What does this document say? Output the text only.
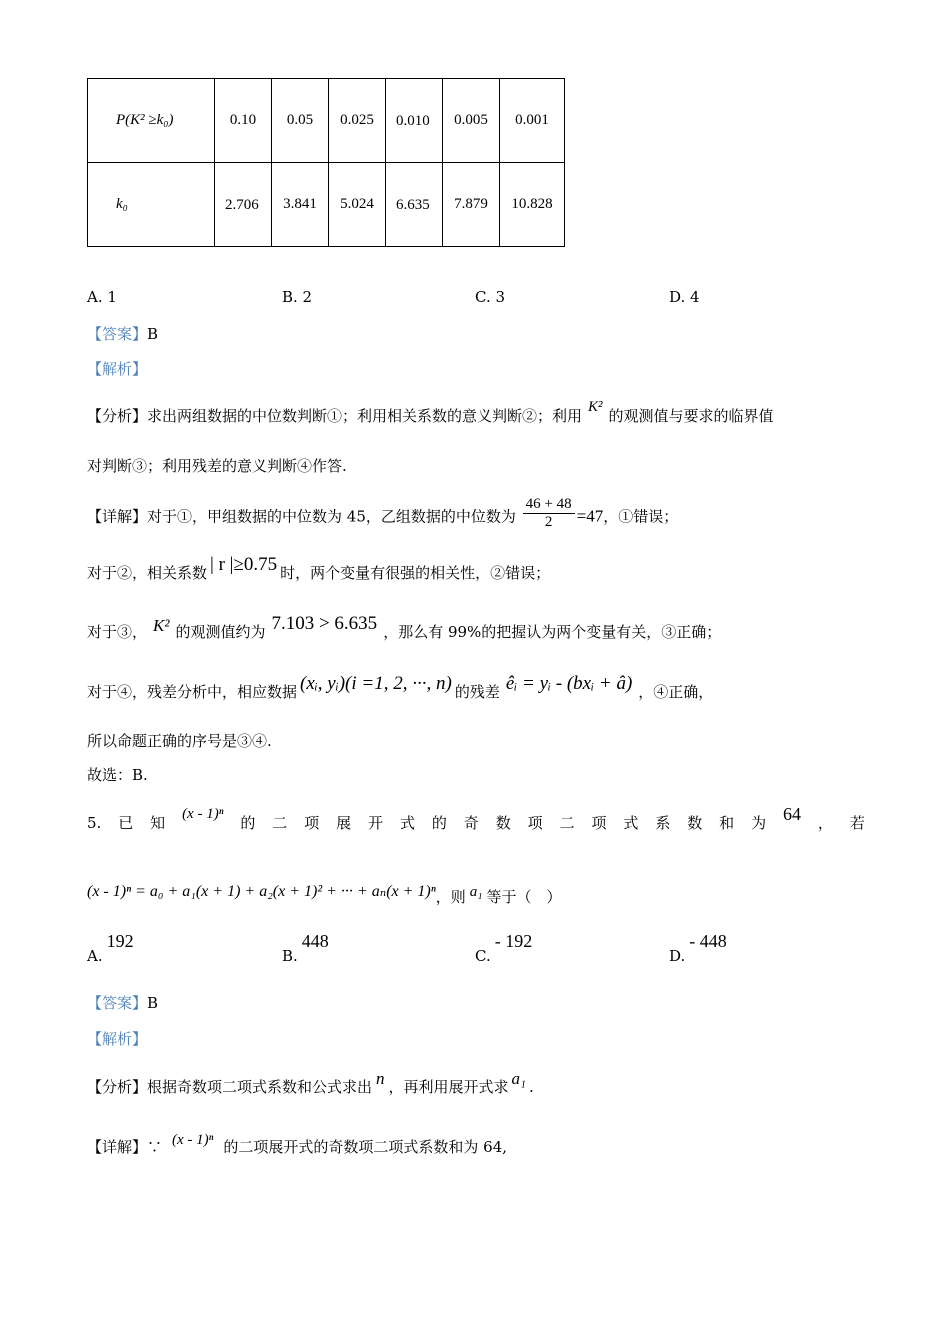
P(K² ≥k₀)	0.10	0.05	0.025	0.010	0.005	0.001
k₀	2.706	3.841	5.024	6.635	7.879	10.828
A. 1	B. 2	C. 3	D. 4
【答案】B
【解析】
【分析】求出两组数据的中位数判断①；利用相关系数的意义判断②；利用 K² 的观测值与要求的临界值
对判断③；利用残差的意义判断④作答.
【详解】对于①，甲组数据的中位数为 45，乙组数据的中位数为 $\frac{46 + 48}{2} =47$，①错误；
对于②，相关系数 | r |≥0.75 时，两个变量有很强的相关性，②错误；
对于③， K² 的观测值约为 7.103 > 6.635 ，那么有 99%的把握认为两个变量有关，③正确；
对于④，残差分析中，相应数据 (xᵢ, yᵢ)(i =1, 2, ···, n) 的残差 êᵢ = yᵢ - (bxᵢ + â) ，④正确，
所以命题正确的序号是③④.
故选：B.
5. 已 知 (x - 1)ⁿ 的 二 项 展 开 式 的 奇 数 项 二 项 式 系 数 和 为 64 ， 若
(x - 1)ⁿ = a₀ + a₁(x + 1) + a₂(x + 1)² + ··· + aₙ(x + 1)ⁿ，则 a₁ 等于（　）
A.192
B.448
C.- 192
D.- 448
【答案】B
【解析】
【分析】根据奇数项二项式系数和公式求出 n ，再利用展开式求 a₁ .
【详解】∵ (x - 1)ⁿ 的二项展开式的奇数项二项式系数和为 64,
